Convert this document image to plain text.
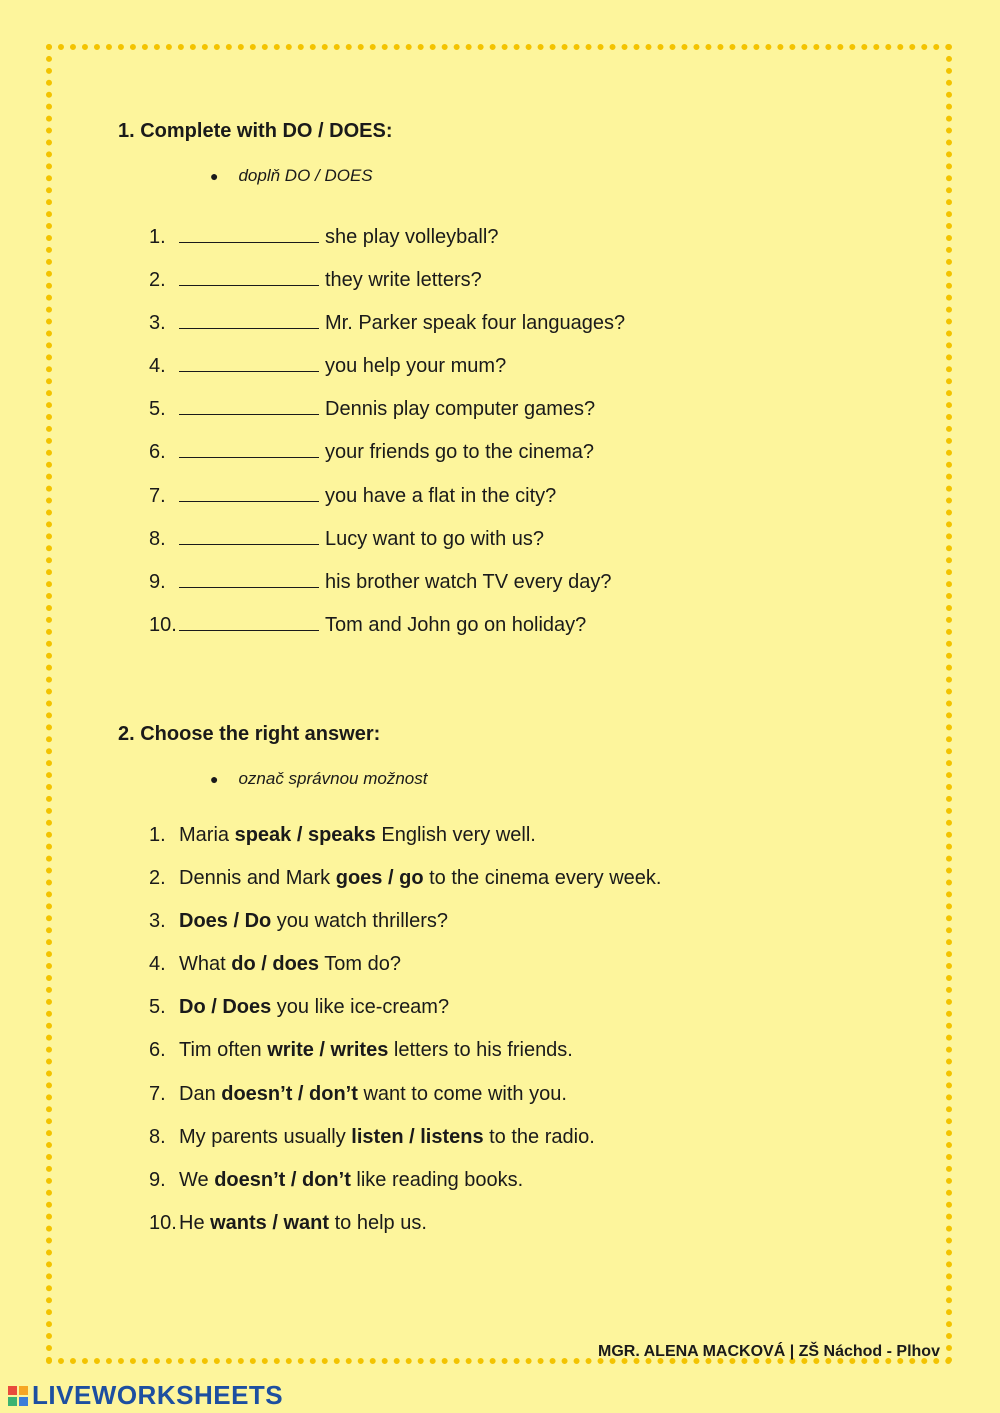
1. Complete with DO / DOES:
● doplň DO / DOES
1.	she play volleyball?
2.	they write letters?
3.	Mr. Parker speak four languages?
4.	you help your mum?
5.	Dennis play computer games?
6.	your friends go to the cinema?
7.	you have a flat in the city?
8.	Lucy want to go with us?
9.	his brother watch TV every day?
10.	Tom and John go on holiday?
2. Choose the right answer:
● označ správnou možnost
1. Maria speak / speaks English very well.
2. Dennis and Mark goes / go to the cinema every week.
3. Does / Do you watch thrillers?
4. What do / does Tom do?
5. Do / Does you like ice-cream?
6. Tim often write / writes letters to his friends.
7. Dan doesn’t / don’t want to come with you.
8. My parents usually listen / listens to the radio.
9. We doesn’t / don’t like reading books.
10. He wants / want to help us.
MGR. ALENA MACKOVÁ | ZŠ Náchod - Plhov
LIVEWORKSHEETS
